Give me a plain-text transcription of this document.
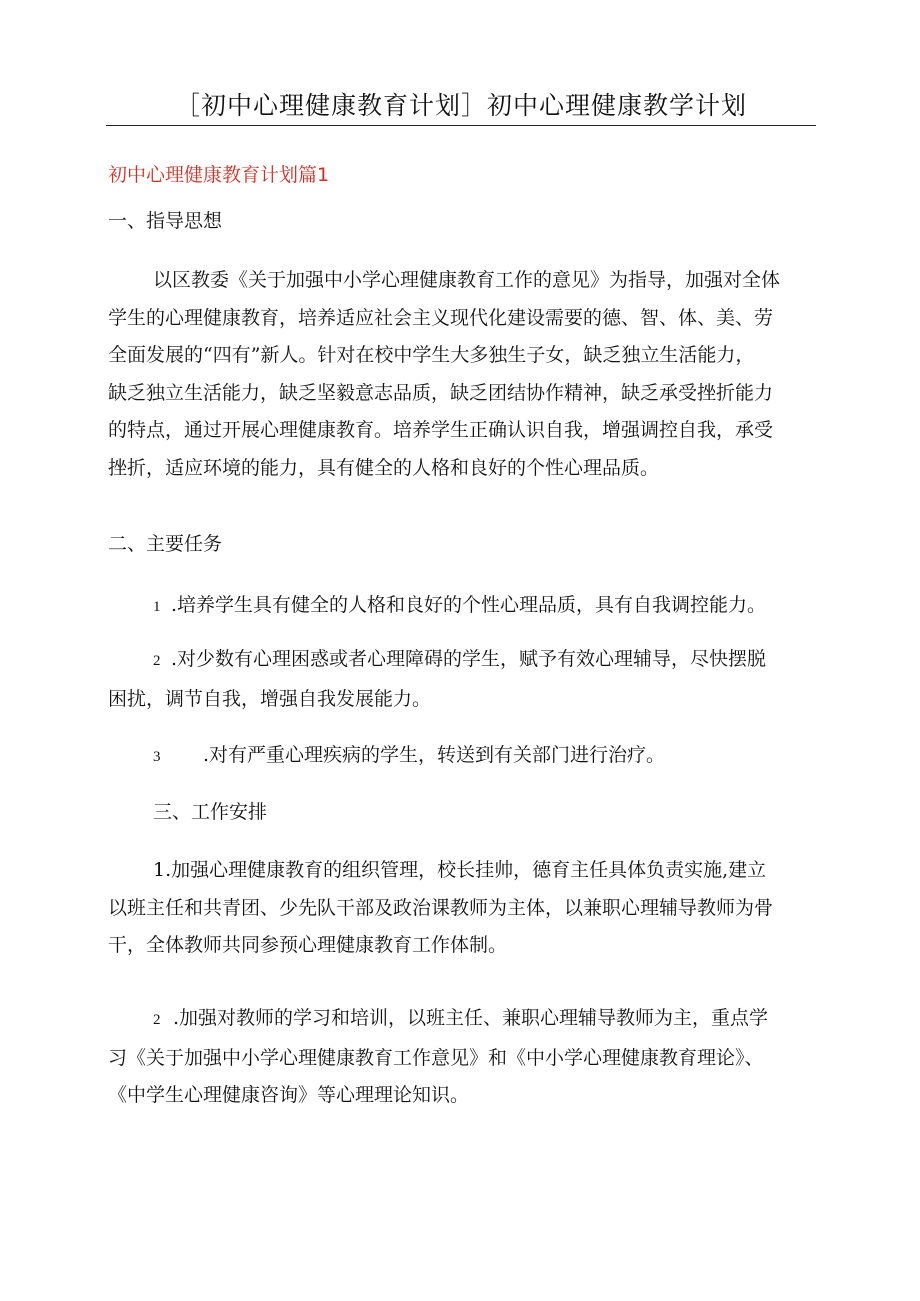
［初中心理健康教育计划］初中心理健康教学计划
初中心理健康教育计划篇1
一、指导思想
以区教委《关于加强中小学心理健康教育工作的意见》为指导，加强对全体
学生的心理健康教育，培养适应社会主义现代化建设需要的德、智、体、美、劳
全面发展的“四有”新人。针对在校中学生大多独生子女，缺乏独立生活能力，
缺乏独立生活能力，缺乏坚毅意志品质，缺乏团结协作精神，缺乏承受挫折能力
的特点，通过开展心理健康教育。培养学生正确认识自我，增强调控自我，承受
挫折，适应环境的能力，具有健全的人格和良好的个性心理品质。
二、主要任务
1 .培养学生具有健全的人格和良好的个性心理品质，具有自我调控能力。
2 .对少数有心理困惑或者心理障碍的学生，赋予有效心理辅导，尽快摆脱
困扰，调节自我，增强自我发展能力。
3 .对有严重心理疾病的学生，转送到有关部门进行治疗。
三、工作安排
1.加强心理健康教育的组织管理，校长挂帅，德育主任具体负责实施,建立
以班主任和共青团、少先队干部及政治课教师为主体，以兼职心理辅导教师为骨
干，全体教师共同参预心理健康教育工作体制。
2 .加强对教师的学习和培训，以班主任、兼职心理辅导教师为主，重点学
习《关于加强中小学心理健康教育工作意见》和《中小学心理健康教育理论》、
《中学生心理健康咨询》等心理理论知识。
